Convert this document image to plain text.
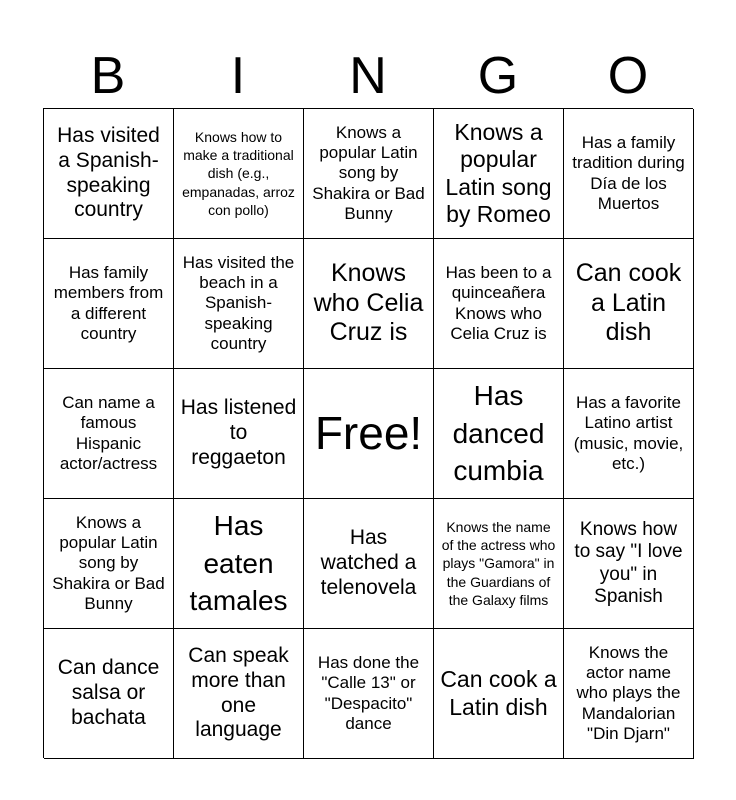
B	I	N	G	O
Has visited a Spanish-speaking country
Knows how to make a traditional dish (e.g., empanadas, arroz con pollo)
Knows a popular Latin song by Shakira or Bad Bunny
Knows a popular Latin song by Romeo
Has a family tradition during Día de los Muertos
Has family members from a different country
Has visited the beach in a Spanish-speaking country
Knows who Celia Cruz is
Has been to a quinceañera Knows who Celia Cruz is
Can cook a Latin dish
Can name a famous Hispanic actor/actress
Has listened to reggaeton Free!
Has danced cumbia
Has a favorite Latino artist (music, movie, etc.)
Knows a popular Latin song by Shakira or Bad Bunny
Has eaten tamales
Has watched a telenovela
Knows the name of the actress who plays "Gamora" in the Guardians of the Galaxy films
Knows how to say "I love you" in Spanish
Can dance salsa or bachata
Can speak more than one language
Has done the "Calle 13" or "Despacito" dance
Can cook a Latin dish
Knows the actor name who plays the Mandalorian "Din Djarn"
